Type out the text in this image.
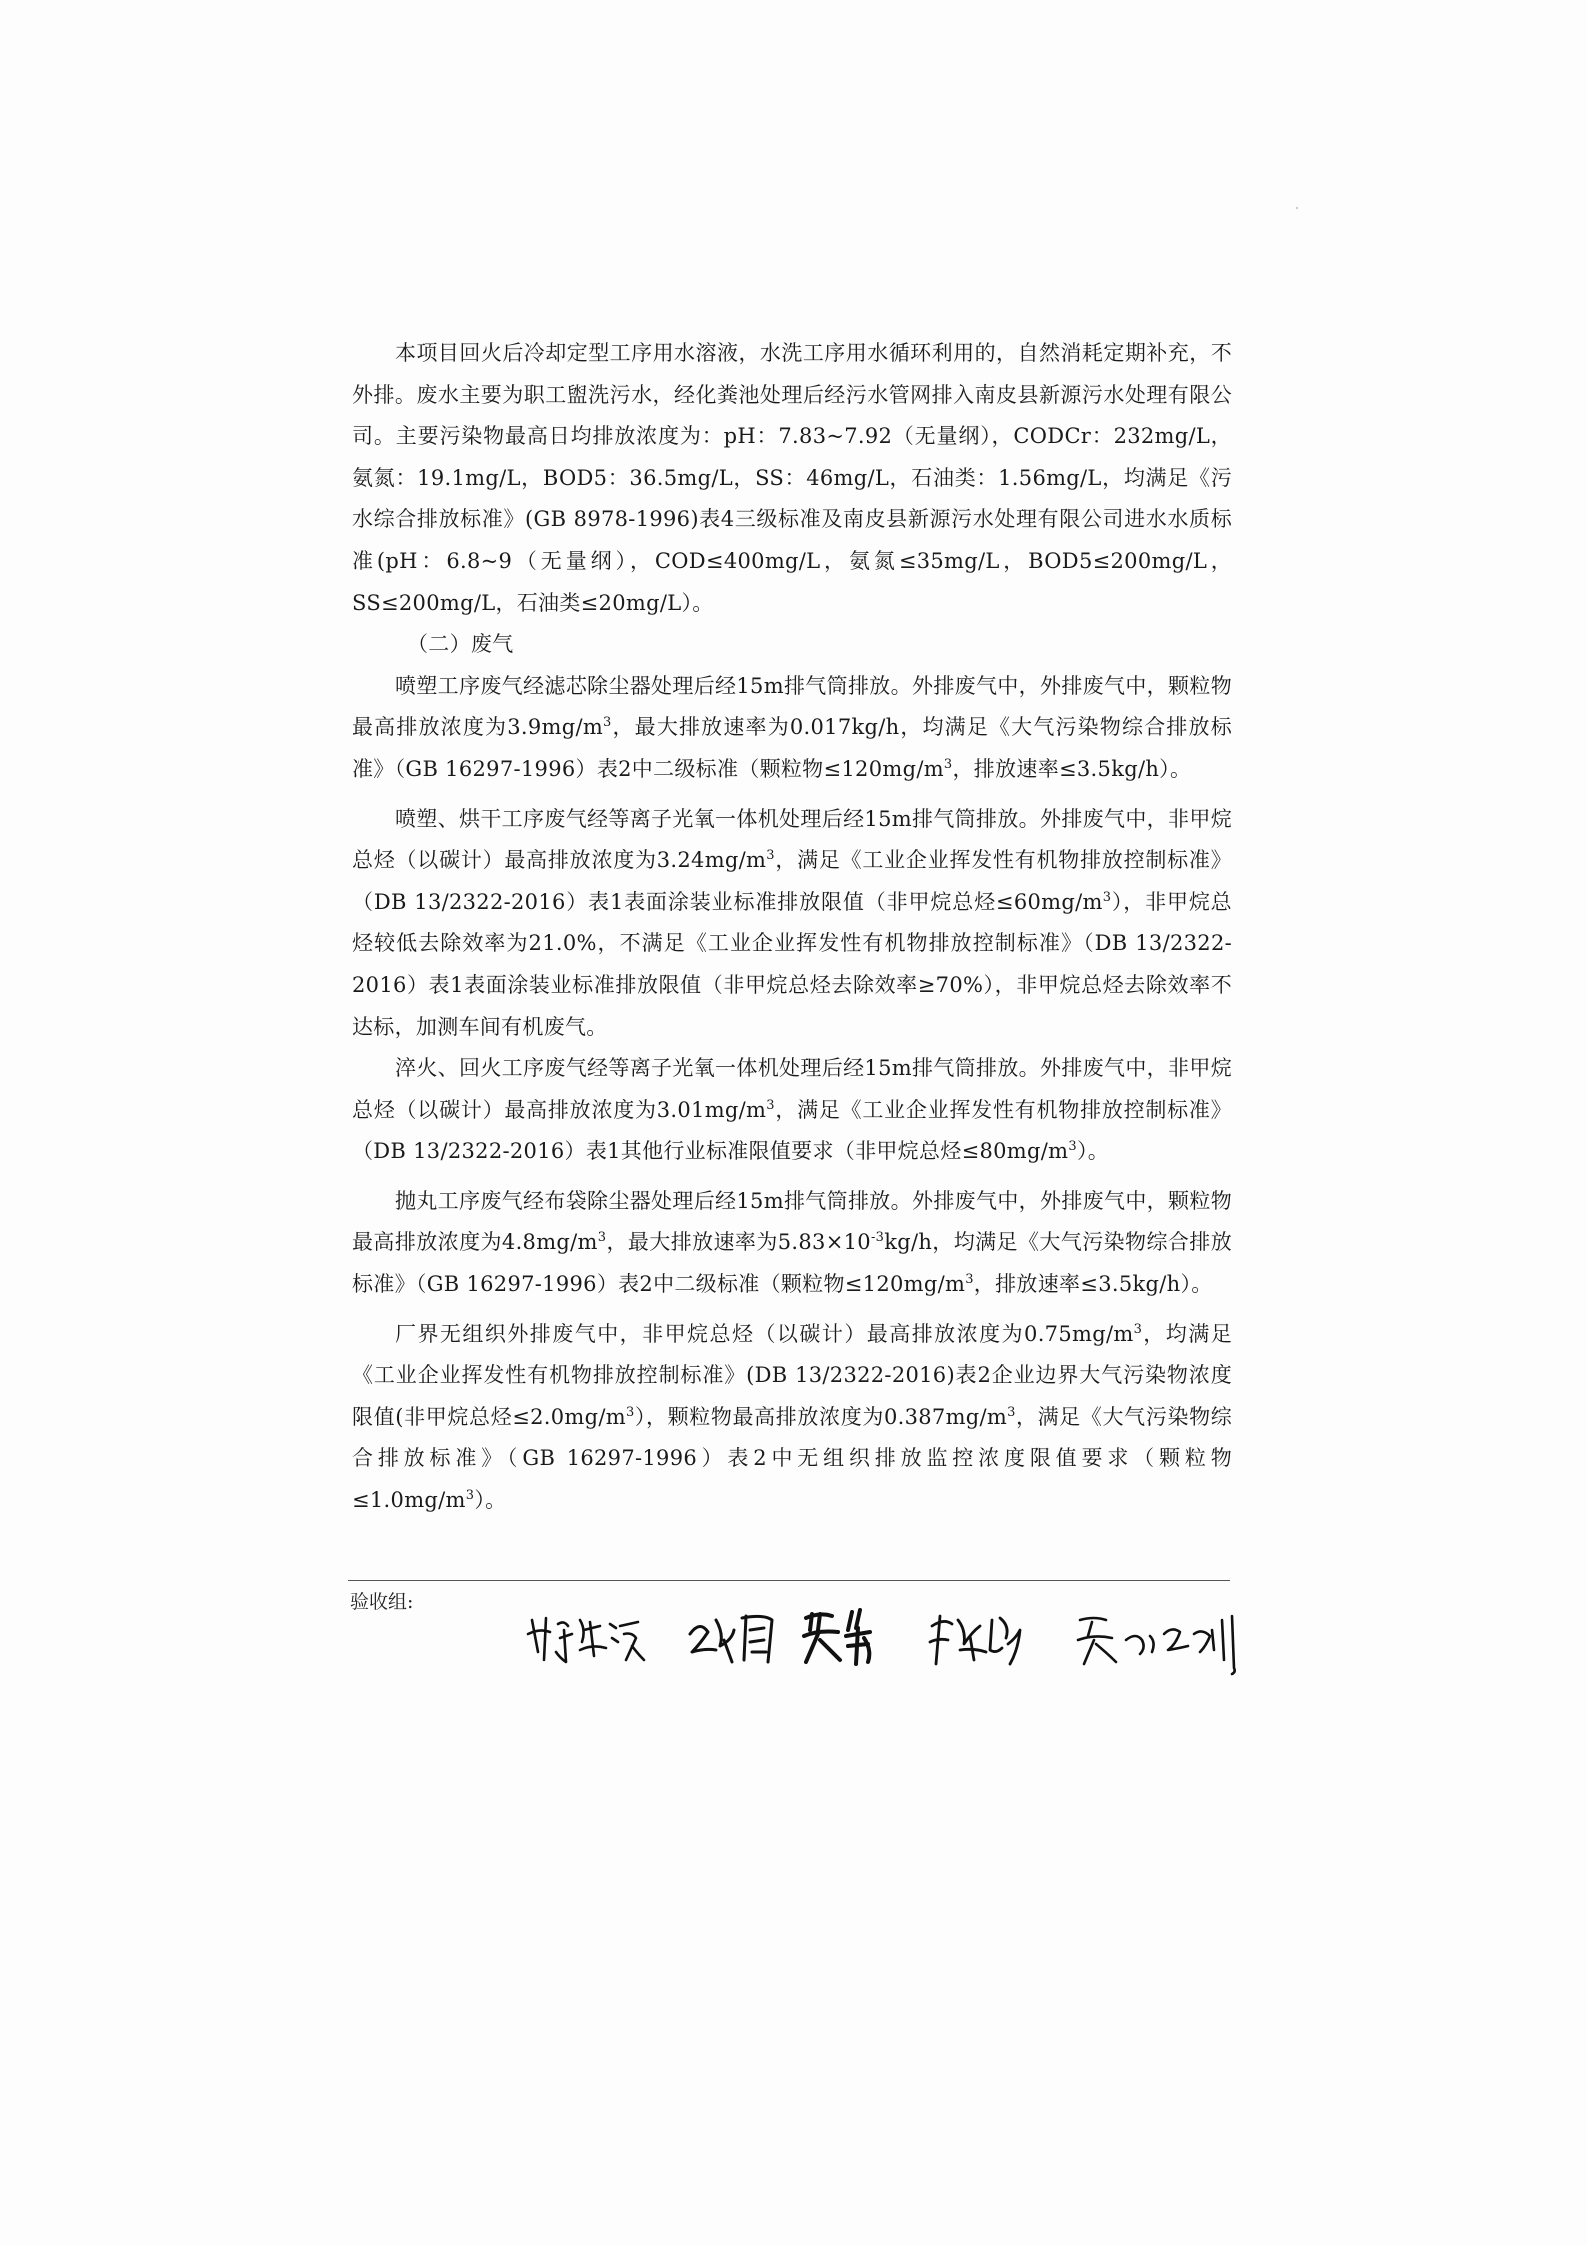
本项目回火后冷却定型工序用水溶液，水洗工序用水循环利用的，自然消耗定期补充，不外排。废水主要为职工盥洗污水，经化粪池处理后经污水管网排入南皮县新源污水处理有限公司。主要污染物最高日均排放浓度为：pH：7.83~7.92（无量纲），CODCr：232mg/L，氨氮：19.1mg/L，BOD5：36.5mg/L，SS：46mg/L，石油类：1.56mg/L，均满足《污水综合排放标准》(GB 8978-1996)表4三级标准及南皮县新源污水处理有限公司进水水质标准(pH：6.8~9（无量纲），COD≤400mg/L，氨氮≤35mg/L，BOD5≤200mg/L，SS≤200mg/L，石油类≤20mg/L）。

（二）废气

喷塑工序废气经滤芯除尘器处理后经15m排气筒排放。外排废气中，外排废气中，颗粒物最高排放浓度为$3.9mg/m^3$，最大排放速率为0.017kg/h，均满足《大气污染物综合排放标准》（GB 16297-1996）表2中二级标准（颗粒物$\le 120mg/m^3$，排放速率≤3.5kg/h）。

喷塑、烘干工序废气经等离子光氧一体机处理后经15m排气筒排放。外排废气中，非甲烷总烃（以碳计）最高排放浓度为$3.24mg/m^3$，满足《工业企业挥发性有机物排放控制标准》（DB 13/2322-2016）表1表面涂装业标准排放限值（非甲烷总烃$\le 60mg/m^3$），非甲烷总烃较低去除效率为21.0%，不满足《工业企业挥发性有机物排放控制标准》（DB 13/2322-2016）表1表面涂装业标准排放限值（非甲烷总烃去除效率≥70%），非甲烷总烃去除效率不达标，加测车间有机废气。

淬火、回火工序废气经等离子光氧一体机处理后经15m排气筒排放。外排废气中，非甲烷总烃（以碳计）最高排放浓度为$3.01mg/m^3$，满足《工业企业挥发性有机物排放控制标准》（DB 13/2322-2016）表1其他行业标准限值要求（非甲烷总烃$\le 80mg/m^3$）。

抛丸工序废气经布袋除尘器处理后经15m排气筒排放。外排废气中，外排废气中，颗粒物最高排放浓度为$4.8mg/m^3$，最大排放速率为$5.83\times 10^{-3}kg/h$，均满足《大气污染物综合排放标准》（GB 16297-1996）表2中二级标准（颗粒物$\le 120mg/m^3$，排放速率≤3.5kg/h）。

厂界无组织外排废气中，非甲烷总烃（以碳计）最高排放浓度为$0.75mg/m^3$，均满足《工业企业挥发性有机物排放控制标准》(DB 13/2322-2016)表2企业边界大气污染物浓度限值(非甲烷总烃$\le 2.0mg/m^3$），颗粒物最高排放浓度为$0.387mg/m^3$，满足《大气污染物综合排放标准》（GB 16297-1996）表2中无组织排放监控浓度限值要求（颗粒物$\le 1.0mg/m^3$）。

验收组:
